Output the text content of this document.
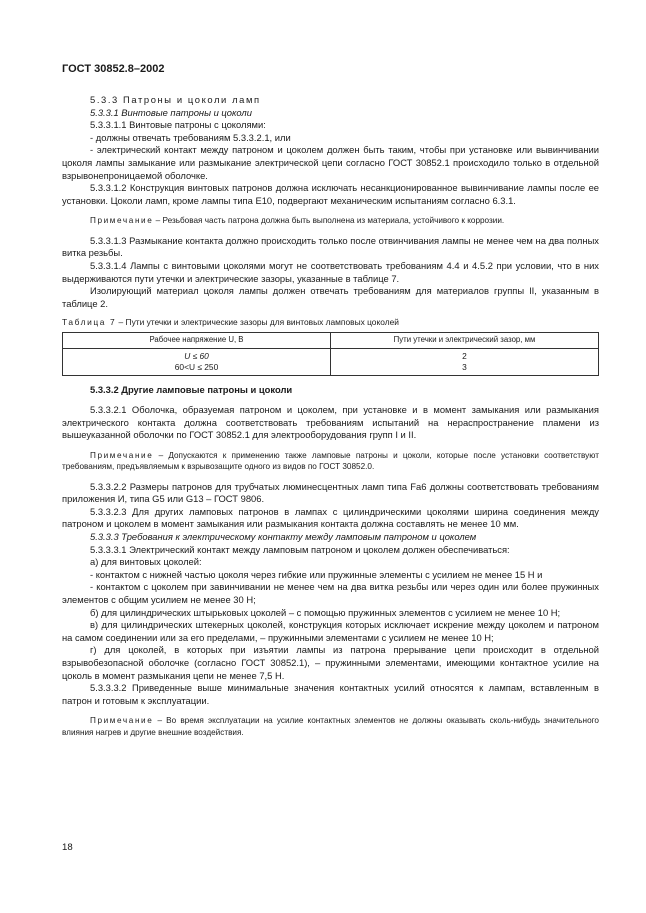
ГОСТ 30852.8–2002
5.3.3 Патроны и цоколи ламп
5.3.3.1 Винтовые патроны и цоколи
5.3.3.1.1 Винтовые патроны с цоколями:
- должны отвечать требованиям 5.3.3.2.1, или
- электрический контакт между патроном и цоколем должен быть таким, чтобы при установке или вывинчивании цоколя лампы замыкание или размыкание электрической цепи согласно ГОСТ 30852.1 происходило только в отдельной взрывонепроницаемой оболочке.
5.3.3.1.2 Конструкция винтовых патронов должна исключать несанкционированное вывинчивание лампы после ее установки. Цоколи ламп, кроме лампы типа Е10, подвергают механическим испытаниям согласно 6.3.1.
Примечание – Резьбовая часть патрона должна быть выполнена из материала, устойчивого к коррозии.
5.3.3.1.3 Размыкание контакта должно происходить только после отвинчивания лампы не менее чем на два полных витка резьбы.
5.3.3.1.4 Лампы с винтовыми цоколями могут не соответствовать требованиям 4.4 и 4.5.2 при условии, что в них выдерживаются пути утечки и электрические зазоры, указанные в таблице 7.
Изолирующий материал цоколя лампы должен отвечать требованиям для материалов группы II, указанным в таблице 2.
Таблица 7 – Пути утечки и электрические зазоры для винтовых ламповых цоколей
Рабочее напряжение U, В	Пути утечки и электрический зазор, мм
U ≤ 60	2
60<U ≤ 250	3
5.3.3.2 Другие ламповые патроны и цоколи
5.3.3.2.1 Оболочка, образуемая патроном и цоколем, при установке и в момент замыкания или размыкания электрического контакта должна соответствовать требованиям испытаний на нераспространение пламени из вышеуказанной оболочки по ГОСТ 30852.1 для электрооборудования групп I и II.
Примечание – Допускаются к применению также ламповые патроны и цоколи, которые после установки соответствуют требованиям, предъявляемым к взрывозащите одного из видов по ГОСТ 30852.0.
5.3.3.2.2 Размеры патронов для трубчатых люминесцентных ламп типа Fa6 должны соответствовать требованиям приложения И, типа G5 или G13 – ГОСТ 9806.
5.3.3.2.3 Для других ламповых патронов в лампах с цилиндрическими цоколями ширина соединения между патроном и цоколем в момент замыкания или размыкания контакта должна составлять не менее 10 мм.
5.3.3.3 Требования к электрическому контакту между ламповым патроном и цоколем
5.3.3.3.1 Электрический контакт между ламповым патроном и цоколем должен обеспечиваться:
а) для винтовых цоколей:
- контактом с нижней частью цоколя через гибкие или пружинные элементы с усилием не менее 15 Н и
- контактом с цоколем при завинчивании не менее чем на два витка резьбы или через один или более пружинных элементов с общим усилием не менее 30 Н;
б) для цилиндрических штырьковых цоколей – с помощью пружинных элементов с усилием не менее 10 Н;
в) для цилиндрических штекерных цоколей, конструкция которых исключает искрение между цоколем и патроном на самом соединении или за его пределами, – пружинными элементами с усилием не менее 10 Н;
г) для цоколей, в которых при изъятии лампы из патрона прерывание цепи происходит в отдельной взрывобезопасной оболочке (согласно ГОСТ 30852.1), – пружинными элементами, имеющими контактное усилие на цоколь в момент размыкания цепи не менее 7,5 Н.
5.3.3.3.2 Приведенные выше минимальные значения контактных усилий относятся к лампам, вставленным в патрон и готовым к эксплуатации.
Примечание – Во время эксплуатации на усилие контактных элементов не должны оказывать сколь-нибудь значительного влияния нагрев и другие внешние воздействия.
18
